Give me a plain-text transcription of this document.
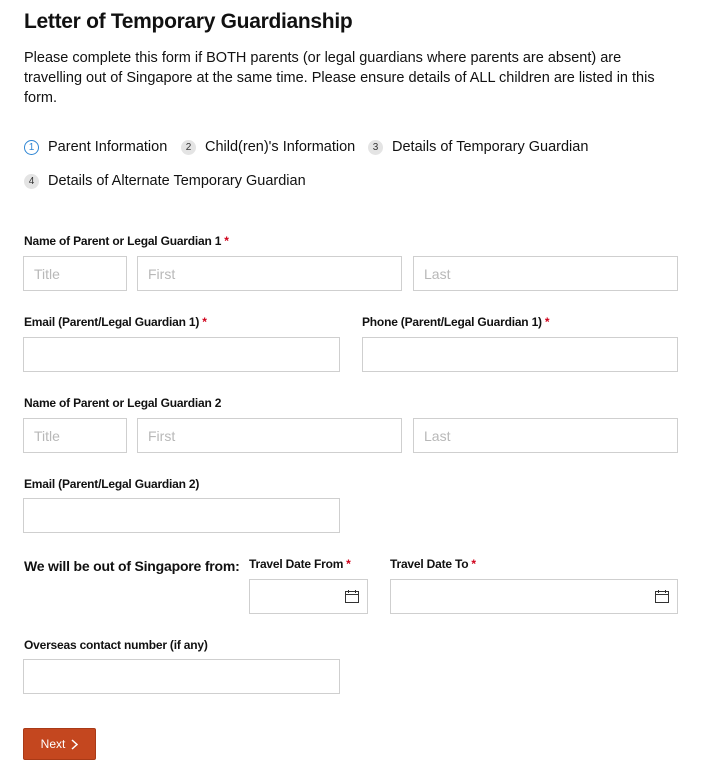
Letter of Temporary Guardianship
Please complete this form if BOTH parents (or legal guardians where parents are absent) are travelling out of Singapore at the same time. Please ensure details of ALL children are listed in this form.
1 Parent Information	2 Child(ren)'s Information	3 Details of Temporary Guardian
4 Details of Alternate Temporary Guardian
Name of Parent or Legal Guardian 1 *
Title
First
Last
Email (Parent/Legal Guardian 1) *	Phone (Parent/Legal Guardian 1) *
Name of Parent or Legal Guardian 2
Title
First
Last
Email (Parent/Legal Guardian 2)
We will be out of Singapore from: Travel Date From *	Travel Date To *
Overseas contact number (if any)
Next
